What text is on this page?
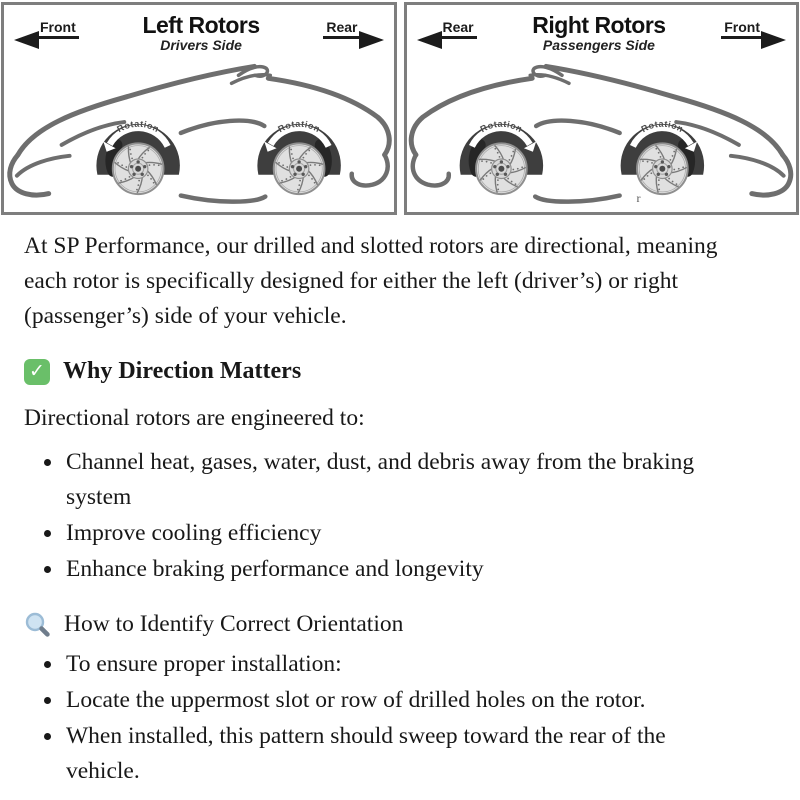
Front	Left Rotors
Drivers Side
Rear
Rotation	Rotation
Rear	Right Rotors
Passengers Side
Front
Rotation	Rotation
r

At SP Performance, our drilled and slotted rotors are directional, meaning each rotor is specifically designed for either the left (driver’s) or right (passenger’s) side of your vehicle.

✓ Why Direction Matters

Directional rotors are engineered to:

• Channel heat, gases, water, dust, and debris away from the braking system
• Improve cooling efficiency
• Enhance braking performance and longevity
How to Identify Correct Orientation
• To ensure proper installation:
• Locate the uppermost slot or row of drilled holes on the rotor.
• When installed, this pattern should sweep toward the rear of the vehicle.
